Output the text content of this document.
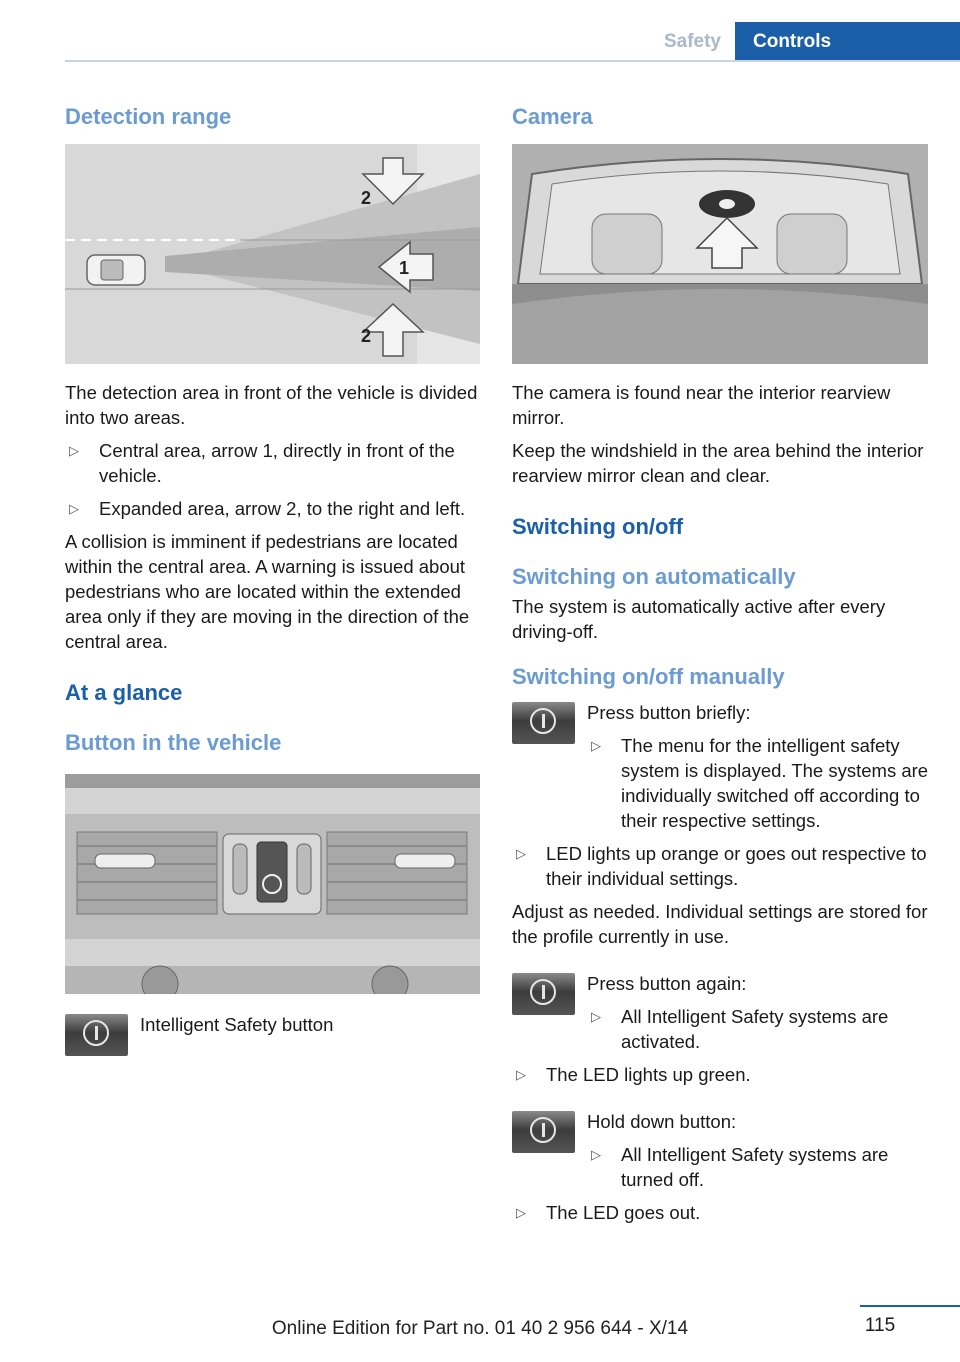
Safety	Controls
Detection range
2
1
2

The detection area in front of the vehicle is divided into two areas.

▷ Central area, arrow 1, directly in front of the vehicle.
▷ Expanded area, arrow 2, to the right and left.

A collision is imminent if pedestrians are located within the central area. A warning is issued about pedestrians who are located within the extended area only if they are moving in the direction of the central area.

At a glance
Button in the vehicle

Intelligent Safety button

Camera

The camera is found near the interior rearview mirror.

Keep the windshield in the area behind the interior rearview mirror clean and clear.

Switching on/off
Switching on automatically

The system is automatically active after every driving-off.

Switching on/off manually

Press button briefly:

▷ The menu for the intelligent safety system is displayed. The systems are individually switched off according to their respective settings.
▷ LED lights up orange or goes out respective to their individual settings.

Adjust as needed. Individual settings are stored for the profile currently in use.

Press button again:

▷ All Intelligent Safety systems are activated.
▷ The LED lights up green.

Hold down button:

▷ All Intelligent Safety systems are turned off.
▷ The LED goes out.
115
Online Edition for Part no. 01 40 2 956 644 - X/14
